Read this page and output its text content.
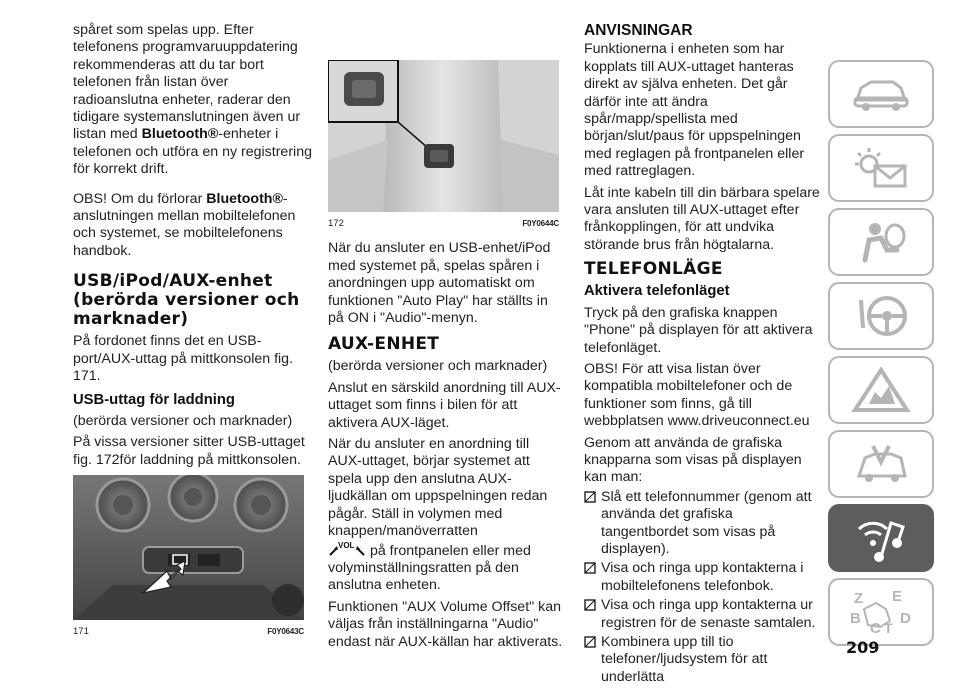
spåret som spelas upp. Efter telefonens programvaruuppdatering rekommenderas att du tar bort telefonen från listan över radioanslutna enheter, raderar den tidigare systemanslutningen även ur listan med Bluetooth®-enheter i telefonen och utföra en ny registrering för korrekt drift.

OBS! Om du förlorar Bluetooth®-anslutningen mellan mobiltelefonen och systemet, se mobiltelefonens handbok.

USB/iPod/AUX-enhet (berörda versioner och marknader)

På fordonet finns det en USB-port/AUX-uttag på mittkonsolen fig. 171.

USB-uttag för laddning

(berörda versioner och marknader)

På vissa versioner sitter USB-uttaget fig. 172för laddning på mittkonsolen.

171	F0Y0643C
172	F0Y0644C

När du ansluter en USB-enhet/iPod med systemet på, spelas spåren i anordningen upp automatiskt om funktionen "Auto Play" har ställts in på ON i "Audio"-menyn.

AUX-ENHET

(berörda versioner och marknader)

Anslut en särskild anordning till AUX-uttaget som finns i bilen för att aktivera AUX-läget.

När du ansluter en anordning till AUX-uttaget, börjar systemet att spela upp den anslutna AUX-ljudkällan om uppspelningen redan pågår. Ställ in volymen med knappen/manöverratten

VOL på frontpanelen eller med volyminställningsratten på den anslutna enheten.

Funktionen "AUX Volume Offset" kan väljas från inställningarna "Audio" endast när AUX-källan har aktiverats.

ANVISNINGAR

Funktionerna i enheten som har kopplats till AUX-uttaget hanteras direkt av själva enheten. Det går därför inte att ändra spår/mapp/spellista med början/slut/paus för uppspelningen med reglagen på frontpanelen eller med rattreglagen.

Låt inte kabeln till din bärbara spelare vara ansluten till AUX-uttaget efter frånkopplingen, för att undvika störande brus från högtalarna.

TELEFONLÄGE
Aktivera telefonläget

Tryck på den grafiska knappen "Phone" på displayen för att aktivera telefonläget.

OBS! För att visa listan över kompatibla mobiltelefoner och de funktioner som finns, gå till webbplatsen www.driveuconnect.eu

Genom att använda de grafiska knapparna som visas på displayen kan man:

Slå ett telefonnummer (genom att använda det grafiska tangentbordet som visas på displayen).

Visa och ringa upp kontakterna i mobiltelefonens telefonbok.

Visa och ringa upp kontakterna ur registren för de senaste samtalen.

Kombinera upp till tio telefoner/ljudsystem för att underlätta

Z E
B
C T
D
209
